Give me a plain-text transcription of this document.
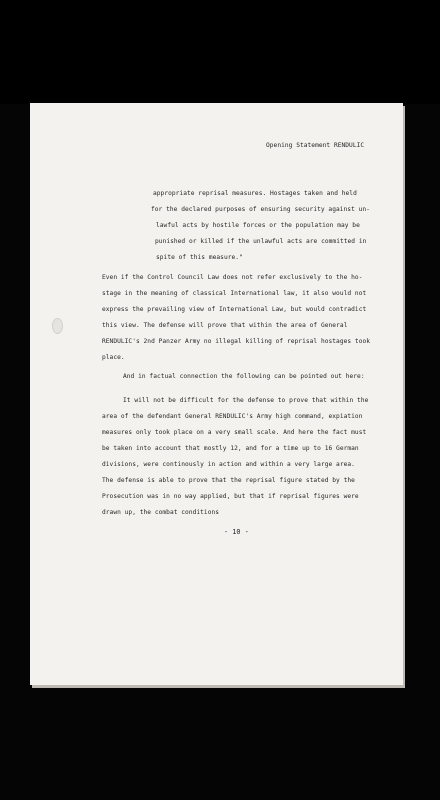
Opening Statement RENDULIC

appropriate reprisal measures. Hostages taken and held

for the declared purposes of ensuring security against un-

lawful acts by hostile forces or the population may be

punished or killed if the unlawful acts are committed in

spite of this measure."

Even if the Control Council Law does not refer exclusively to the ho-

stage in the meaning of classical International law, it also would not

express the prevailing view of International Law, but would contradict

this view. The defense will prove that within the area of General

RENDULIC's 2nd Panzer Army no illegal killing of reprisal hostages took

place.

And in factual connection the following can be pointed out here:

It will not be difficult for the defense to prove that within the

area of the defendant General RENDULIC's Army high command, expiation

measures only took place on a very small scale. And here the fact must

be taken into account that mostly 12, and for a time up to 16 German

divisions, were continously in action and within a very large area.

The defense is able to prove that the reprisal figure stated by the

Prosecution was in no way applied, but that if reprisal figures were

drawn up, the combat conditions

- 10 -
